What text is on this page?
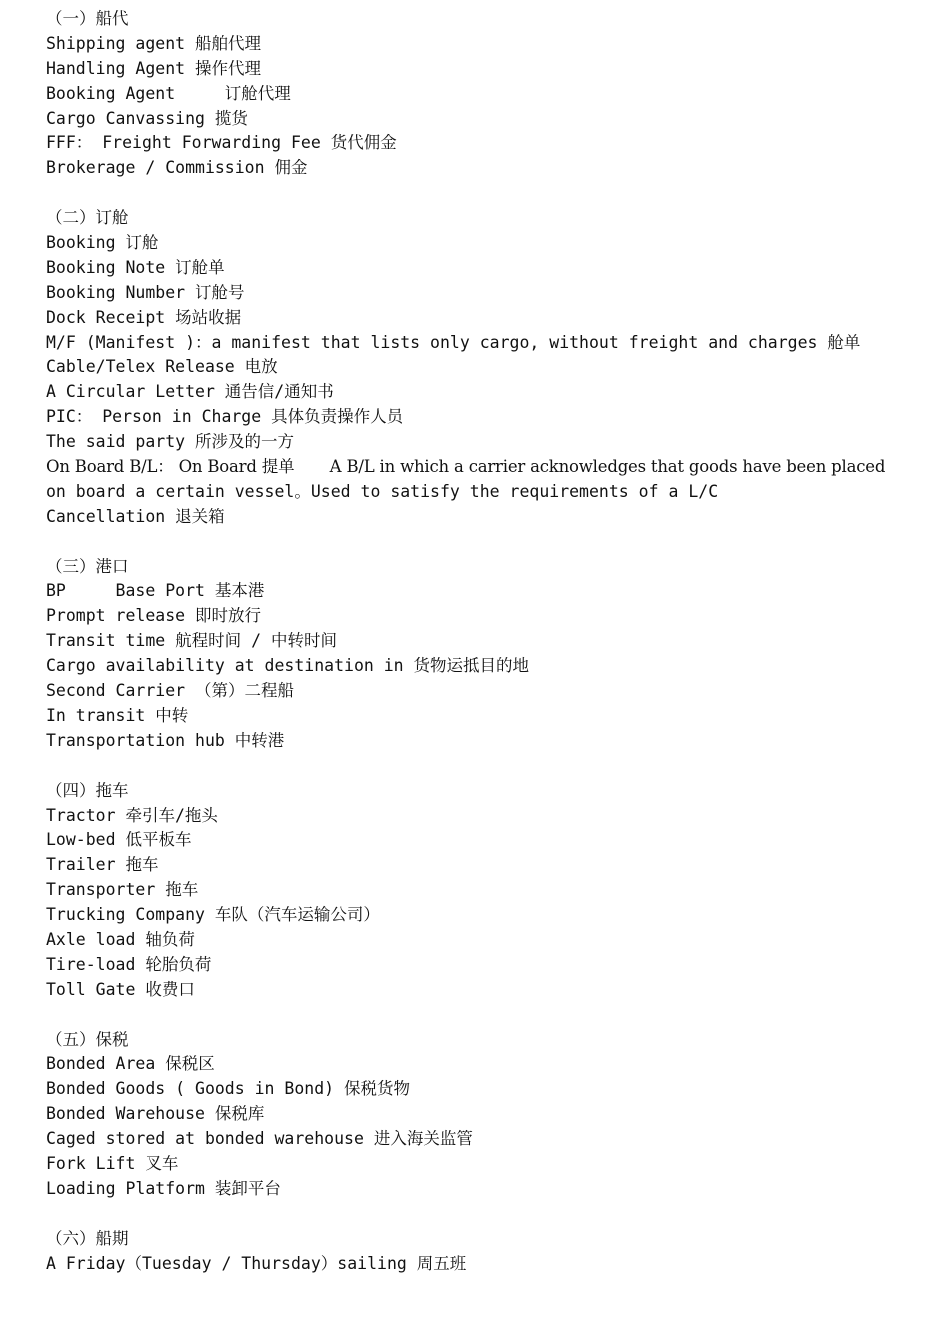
（一）船代
Shipping agent 船舶代理
Handling Agent 操作代理
Booking Agent     订舱代理
Cargo Canvassing 揽货
FFF： Freight Forwarding Fee 货代佣金
Brokerage / Commission 佣金
（二）订舱
Booking 订舱
Booking Note 订舱单
Booking Number 订舱号
Dock Receipt 场站收据
M/F (Manifest )：a manifest that lists only cargo, without freight and charges 舱单
Cable/Telex Release 电放
A Circular Letter 通告信/通知书
PIC： Person in Charge 具体负责操作人员
The said party 所涉及的一方
On Board B/L： On Board 提单       A B/L in which a carrier acknowledges that goods have been placed
on board a certain vessel。Used to satisfy the requirements of a L/C
Cancellation 退关箱
（三）港口
BP     Base Port 基本港
Prompt release 即时放行
Transit time 航程时间 / 中转时间
Cargo availability at destination in 货物运抵目的地
Second Carrier （第）二程船
In transit 中转
Transportation hub 中转港
（四）拖车
Tractor 牵引车/拖头
Low-bed 低平板车
Trailer 拖车
Transporter 拖车
Trucking Company 车队（汽车运输公司）
Axle load 轴负荷
Tire-load 轮胎负荷
Toll Gate 收费口
（五）保税
Bonded Area 保税区
Bonded Goods ( Goods in Bond) 保税货物
Bonded Warehouse 保税库
Caged stored at bonded warehouse 进入海关监管
Fork Lift 叉车
Loading Platform 装卸平台
（六）船期
A Friday（Tuesday / Thursday）sailing 周五班
